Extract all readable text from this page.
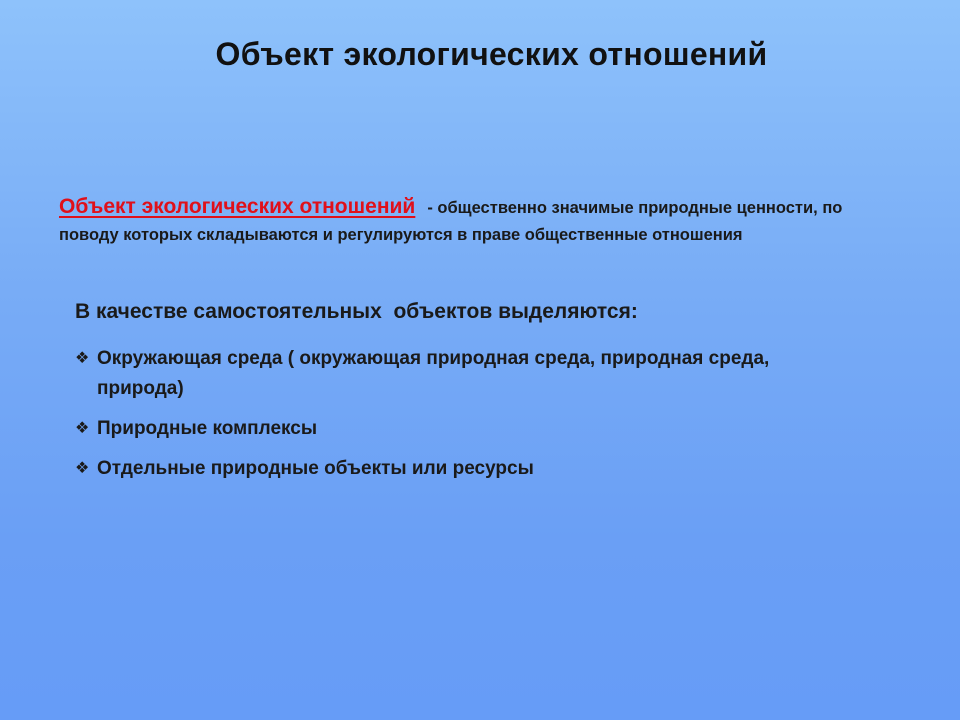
Объект экологических отношений

Объект экологических отношений - общественно значимые природные ценности, по поводу которых складываются и регулируются в праве общественные отношения

В качестве самостоятельных  объектов выделяются:

❖ Окружающая среда ( окружающая природная среда, природная среда, природа)
❖ Природные комплексы
❖ Отдельные природные объекты или ресурсы
